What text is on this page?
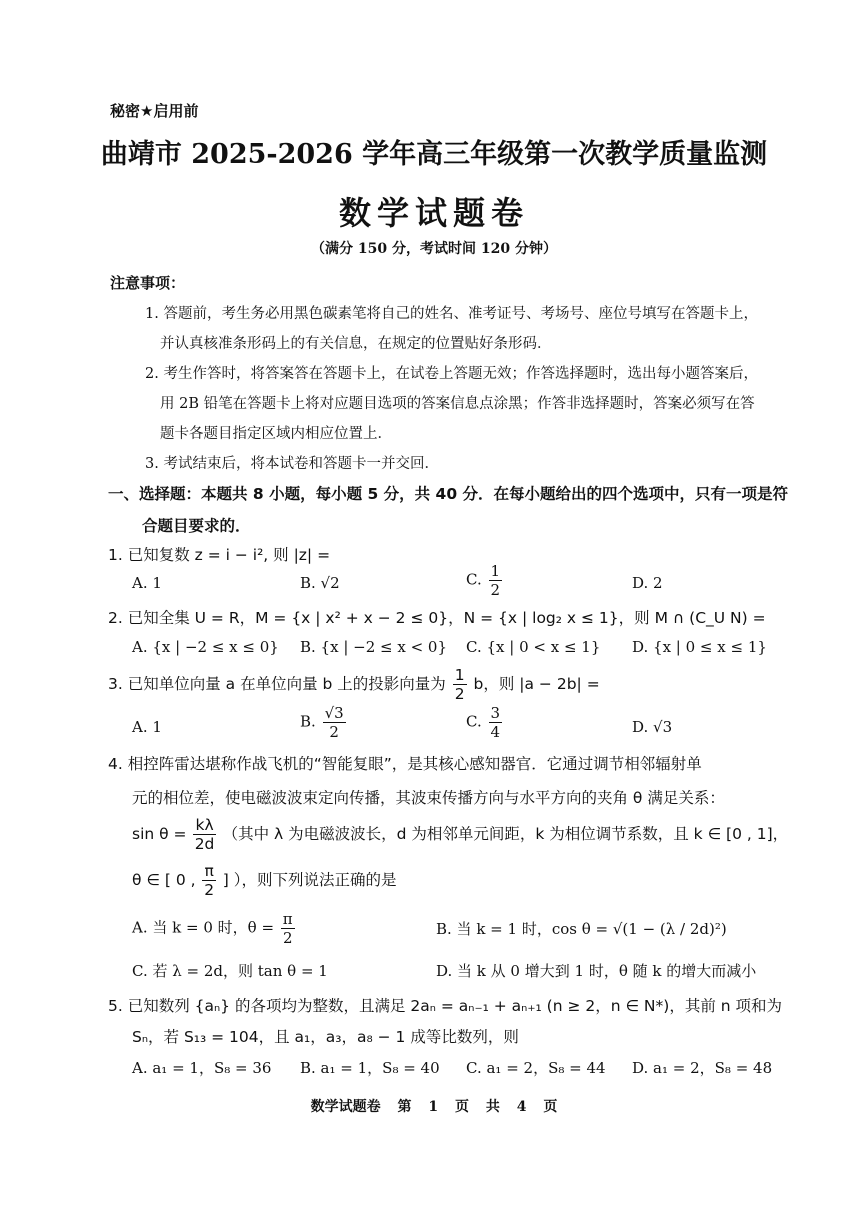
秘密★启用前
曲靖市 2025-2026 学年高三年级第一次教学质量监测
数学试题卷
（满分 150 分，考试时间 120 分钟）
注意事项：
1. 答题前，考生务必用黑色碳素笔将自己的姓名、准考证号、考场号、座位号填写在答题卡上，
并认真核准条形码上的有关信息，在规定的位置贴好条形码．
2. 考生作答时，将答案答在答题卡上，在试卷上答题无效；作答选择题时，选出每小题答案后，
用 2B 铅笔在答题卡上将对应题目选项的答案信息点涂黑；作答非选择题时，答案必须写在答
题卡各题目指定区域内相应位置上．
3. 考试结束后，将本试卷和答题卡一并交回．
一、选择题：本题共 8 小题，每小题 5 分，共 40 分．在每小题给出的四个选项中，只有一项是符
合题目要求的．
1. 已知复数 z = i − i², 则 |z| =
A. 1	B. √2	C. $\frac{1}{2}$	D. 2
2. 已知全集 U = R，M = {x | x² + x − 2 ≤ 0}，N = {x | log₂ x ≤ 1}，则 M ∩ (C_U N) =
A. {x | −2 ≤ x ≤ 0} B. {x | −2 ≤ x < 0} C. {x | 0 < x ≤ 1} D. {x | 0 ≤ x ≤ 1}
3. 已知单位向量 a 在单位向量 b 上的投影向量为 $\frac{1}{2}$ b，则 |a − 2b| =
A. 1	B. $\frac{√3}{2}$	C. $\frac{3}{4}$	D. √3
4. 相控阵雷达堪称作战飞机的“智能复眼”，是其核心感知器官．它通过调节相邻辐射单
元的相位差，使电磁波波束定向传播，其波束传播方向与水平方向的夹角 θ 满足关系：
$\sin \theta = \frac{k\lambda}{2d}$ （其中 λ 为电磁波波长，d 为相邻单元间距，k 为相位调节系数，且 k ∈ [0 , 1]，
θ ∈ [ 0 , $\frac{\pi}{2}$ ] ），则下列说法正确的是
A. 当 k = 0 时，$\theta = \frac{\pi}{2}$	B. 当 k = 1 时，cos θ = √(1 − (λ / 2d)²)
C. 若 λ = 2d，则 tan θ = 1	D. 当 k 从 0 增大到 1 时，θ 随 k 的增大而减小
5. 已知数列 {aₙ} 的各项均为整数，且满足 2aₙ = aₙ₋₁ + aₙ₊₁ (n ≥ 2，n ∈ N*)，其前 n 项和为
Sₙ，若 S₁₃ = 104，且 a₁，a₃，a₈ − 1 成等比数列，则
A. a₁ = 1，S₈ = 36 B. a₁ = 1，S₈ = 40 C. a₁ = 2，S₈ = 44 D. a₁ = 2，S₈ = 48
数学试题卷 第 1 页 共 4 页
